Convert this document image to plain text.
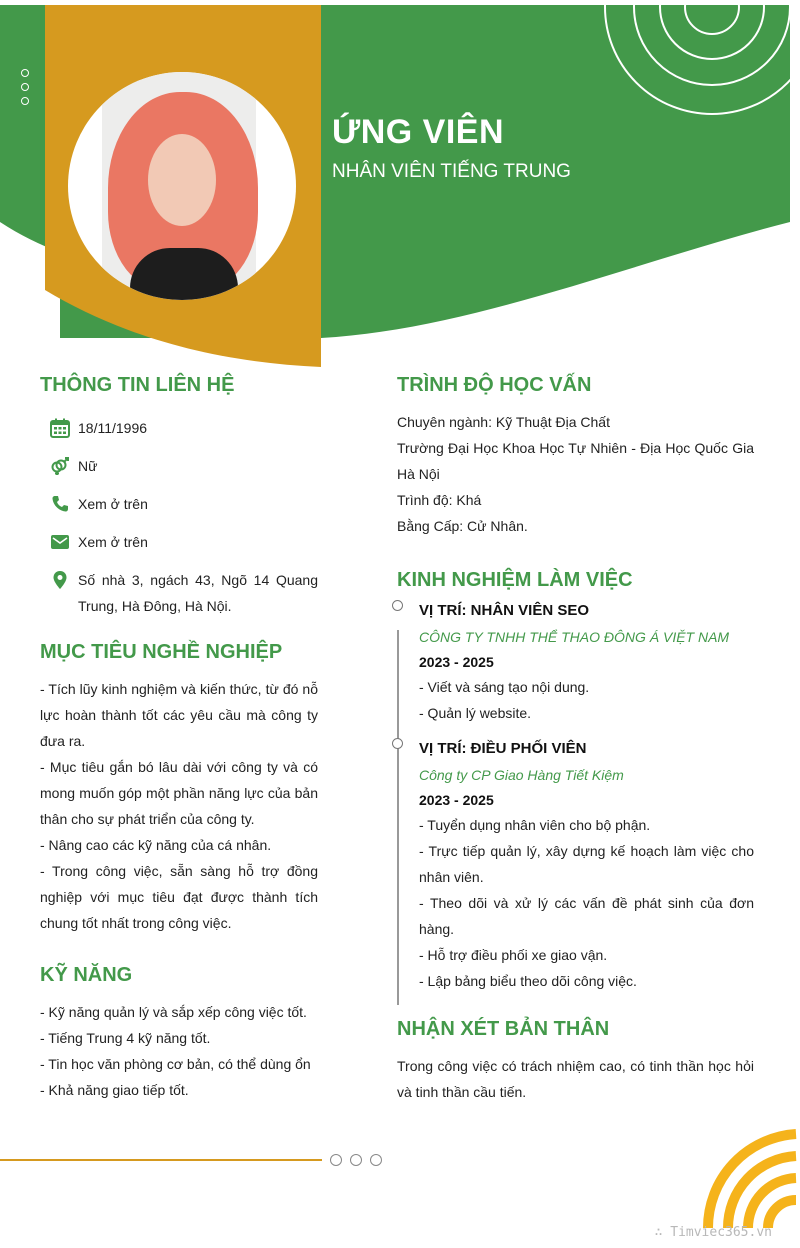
ỨNG VIÊN
NHÂN VIÊN TIẾNG TRUNG
THÔNG TIN LIÊN HỆ
18/11/1996
Nữ
Xem ở trên
Xem ở trên
Số nhà 3, ngách 43, Ngõ 14 Quang Trung, Hà Đông, Hà Nội.
MỤC TIÊU NGHỀ NGHIỆP
- Tích lũy kinh nghiệm và kiến thức, từ đó nỗ lực hoàn thành tốt các yêu cầu mà công ty đưa ra.
- Mục tiêu gắn bó lâu dài với công ty và có mong muốn góp một phần năng lực của bản thân cho sự phát triển của công ty.
- Nâng cao các kỹ năng của cá nhân.
- Trong công việc, sẵn sàng hỗ trợ đồng nghiệp với mục tiêu đạt được thành tích chung tốt nhất trong công việc.
KỸ NĂNG
- Kỹ năng quản lý và sắp xếp công việc tốt.
- Tiếng Trung 4 kỹ năng tốt.
- Tin học văn phòng cơ bản, có thể dùng ổn
- Khả năng giao tiếp tốt.
TRÌNH ĐỘ HỌC VẤN
Chuyên ngành: Kỹ Thuật Địa Chất
Trường Đại Học Khoa Học Tự Nhiên - Địa Học Quốc Gia Hà Nội
Trình độ: Khá
Bằng Cấp: Cử Nhân.
KINH NGHIỆM LÀM VIỆC
VỊ TRÍ: NHÂN VIÊN SEO
CÔNG TY TNHH THỂ THAO ĐÔNG Á VIỆT NAM
2023 - 2025
- Viết và sáng tạo nội dung.
- Quản lý website.
VỊ TRÍ: ĐIỀU PHỐI VIÊN
Công ty CP Giao Hàng Tiết Kiệm
2023 - 2025
- Tuyển dụng nhân viên cho bộ phận.
- Trực tiếp quản lý, xây dựng kế hoạch làm việc cho nhân viên.
- Theo dõi và xử lý các vấn đề phát sinh của đơn hàng.
- Hỗ trợ điều phối xe giao vận.
- Lập bảng biểu theo dõi công việc.
NHẬN XÉT BẢN THÂN
Trong công việc có trách nhiệm cao, có tinh thần học hỏi và tinh thần cầu tiến.
∴ Timviec365.vn
